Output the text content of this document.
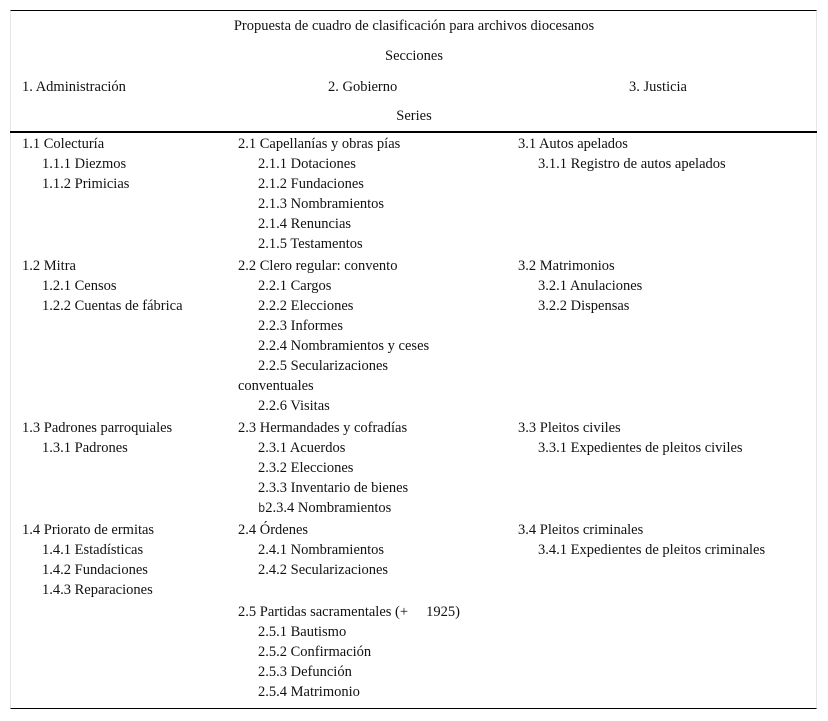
Propuesta de cuadro de clasificación para archivos diocesanos
Secciones
1. Administración	2. Gobierno	3. Justicia
Series
1.1 Colecturía
1.1.1 Diezmos
1.1.2 Primicias
1.2 Mitra
1.2.1 Censos
1.2.2 Cuentas de fábrica
1.3 Padrones parroquiales
1.3.1 Padrones
1.4 Priorato de ermitas
1.4.1 Estadísticas
1.4.2 Fundaciones
1.4.3 Reparaciones
2.1 Capellanías y obras pías
2.1.1 Dotaciones
2.1.2 Fundaciones
2.1.3 Nombramientos
2.1.4 Renuncias
2.1.5 Testamentos
2.2 Clero regular: convento
2.2.1 Cargos
2.2.2 Elecciones
2.2.3 Informes
2.2.4 Nombramientos y ceses
2.2.5 Secularizaciones
conventuales
2.2.6 Visitas
2.3 Hermandades y cofradías
2.3.1 Acuerdos
2.3.2 Elecciones
2.3.3 Inventario de bienes
b2.3.4 Nombramientos
2.4 Órdenes
2.4.1 Nombramientos
2.4.2 Secularizaciones
2.5 Partidas sacramentales (+     1925)
2.5.1 Bautismo
2.5.2 Confirmación
2.5.3 Defunción
2.5.4 Matrimonio
3.1 Autos apelados
3.1.1 Registro de autos apelados
3.2 Matrimonios
3.2.1 Anulaciones
3.2.2 Dispensas
3.3 Pleitos civiles
3.3.1 Expedientes de pleitos civiles
3.4 Pleitos criminales
3.4.1 Expedientes de pleitos criminales
